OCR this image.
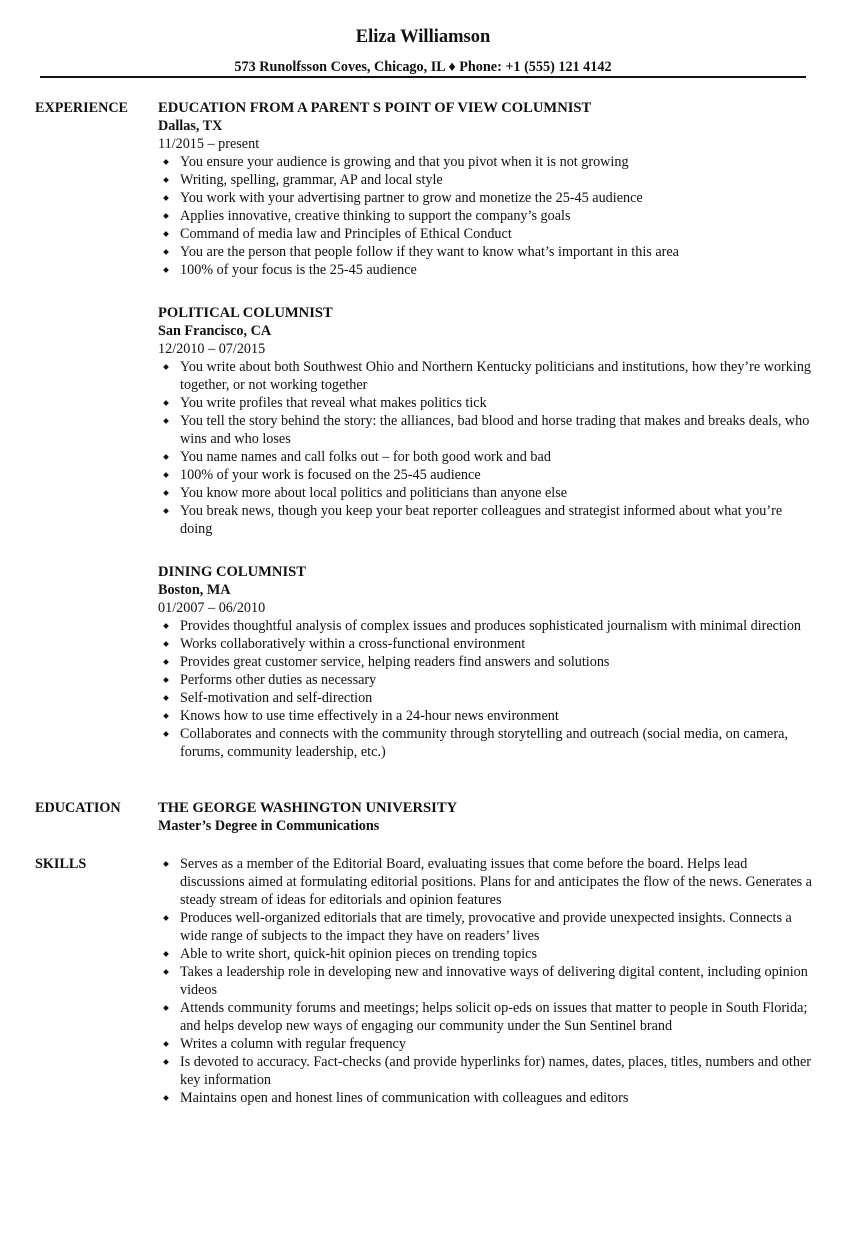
Eliza Williamson
573 Runolfsson Coves, Chicago, IL ♦ Phone: +1 (555) 121 4142
EXPERIENCE EDUCATION FROM A PARENT S POINT OF VIEW COLUMNIST
Dallas, TX
11/2015 – present
You ensure your audience is growing and that you pivot when it is not growing
Writing, spelling, grammar, AP and local style
You work with your advertising partner to grow and monetize the 25-45 audience
Applies innovative, creative thinking to support the company’s goals
Command of media law and Principles of Ethical Conduct
You are the person that people follow if they want to know what’s important in this area
100% of your focus is the 25-45 audience
POLITICAL COLUMNIST
San Francisco, CA
12/2010 – 07/2015
You write about both Southwest Ohio and Northern Kentucky politicians and institutions, how they’re working together, or not working together
You write profiles that reveal what makes politics tick
You tell the story behind the story: the alliances, bad blood and horse trading that makes and breaks deals, who wins and who loses
You name names and call folks out – for both good work and bad
100% of your work is focused on the 25-45 audience
You know more about local politics and politicians than anyone else
You break news, though you keep your beat reporter colleagues and strategist informed about what you’re doing
DINING COLUMNIST
Boston, MA
01/2007 – 06/2010
Provides thoughtful analysis of complex issues and produces sophisticated journalism with minimal direction
Works collaboratively within a cross-functional environment
Provides great customer service, helping readers find answers and solutions
Performs other duties as necessary
Self-motivation and self-direction
Knows how to use time effectively in a 24-hour news environment
Collaborates and connects with the community through storytelling and outreach (social media, on camera, forums, community leadership, etc.)
EDUCATION	THE GEORGE WASHINGTON UNIVERSITY
Master’s Degree in Communications
SKILLS	Serves as a member of the Editorial Board, evaluating issues that come before the board. Helps lead discussions aimed at formulating editorial positions. Plans for and anticipates the flow of the news. Generates a steady stream of ideas for editorials and opinion features
Produces well-organized editorials that are timely, provocative and provide unexpected insights. Connects a wide range of subjects to the impact they have on readers’ lives
Able to write short, quick-hit opinion pieces on trending topics
Takes a leadership role in developing new and innovative ways of delivering digital content, including opinion videos
Attends community forums and meetings; helps solicit op-eds on issues that matter to people in South Florida; and helps develop new ways of engaging our community under the Sun Sentinel brand
Writes a column with regular frequency
Is devoted to accuracy. Fact-checks (and provide hyperlinks for) names, dates, places, titles, numbers and other key information
Maintains open and honest lines of communication with colleagues and editors
